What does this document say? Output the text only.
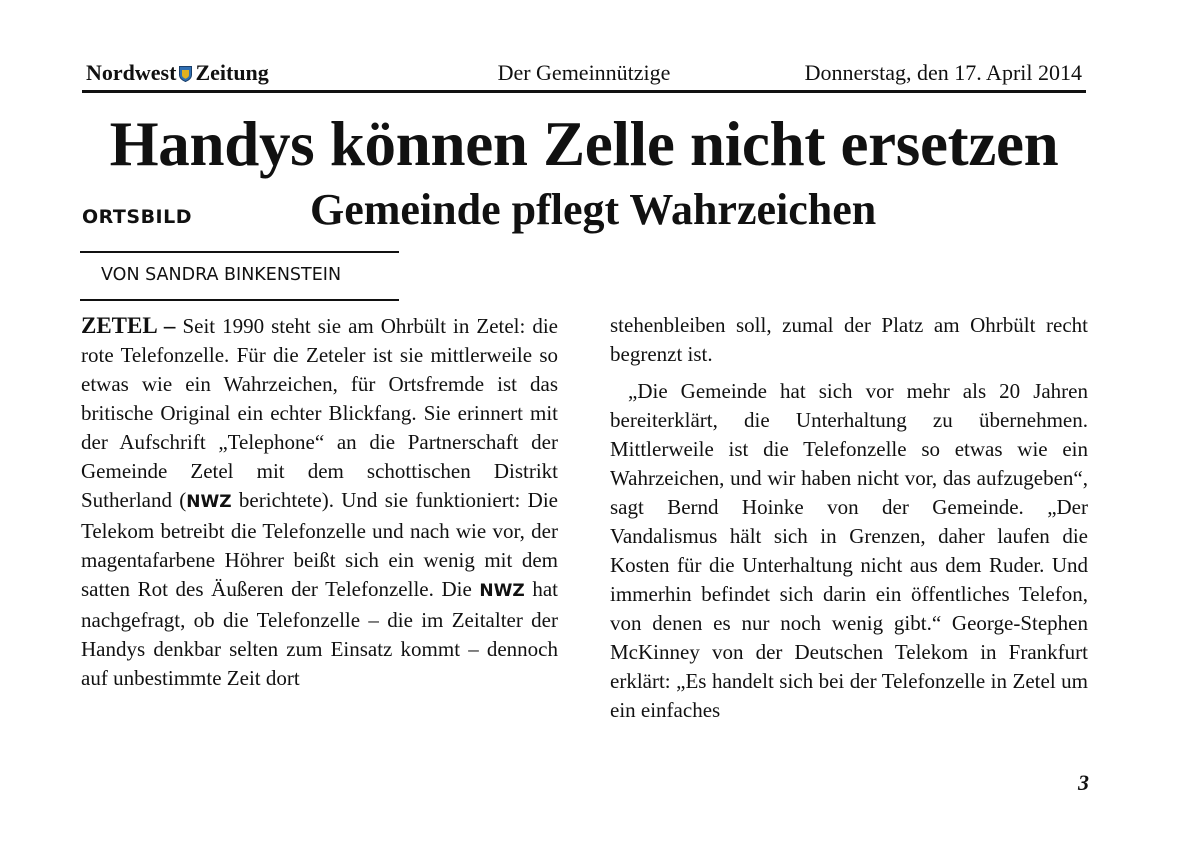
Nordwest Zeitung	Der Gemeinnützige	Donnerstag, den 17. April 2014
Handys können Zelle nicht ersetzen
ORTSBILD	Gemeinde pflegt Wahrzeichen
VON SANDRA BINKENSTEIN

ZETEL – Seit 1990 steht sie am Ohrbült in Zetel: die rote Telefonzelle. Für die Zeteler ist sie mittlerweile so etwas wie ein Wahrzeichen, für Ortsfremde ist das britische Original ein echter Blickfang. Sie erinnert mit der Aufschrift „Telephone“ an die Partnerschaft der Gemeinde Zetel mit dem schottischen Distrikt Sutherland (NWZ berichtete). Und sie funktioniert: Die Telekom betreibt die Telefonzelle und nach wie vor, der magentafarbene Höhrer beißt sich ein wenig mit dem satten Rot des Äußeren der Telefonzelle. Die NWZ hat nachgefragt, ob die Telefonzelle – die im Zeitalter der Handys denkbar selten zum Einsatz kommt – dennoch auf unbestimmte Zeit dort

stehenbleiben soll, zumal der Platz am Ohrbült recht begrenzt ist.

„Die Gemeinde hat sich vor mehr als 20 Jahren bereiterklärt, die Unterhaltung zu übernehmen. Mittlerweile ist die Telefonzelle so etwas wie ein Wahrzeichen, und wir haben nicht vor, das aufzugeben“, sagt Bernd Hoinke von der Gemeinde. „Der Vandalismus hält sich in Grenzen, daher laufen die Kosten für die Unterhaltung nicht aus dem Ruder. Und immerhin befindet sich darin ein öffentliches Telefon, von denen es nur noch wenig gibt.“ George-Stephen McKinney von der Deutschen Telekom in Frankfurt erklärt: „Es handelt sich bei der Telefonzelle in Zetel um ein einfaches

3
